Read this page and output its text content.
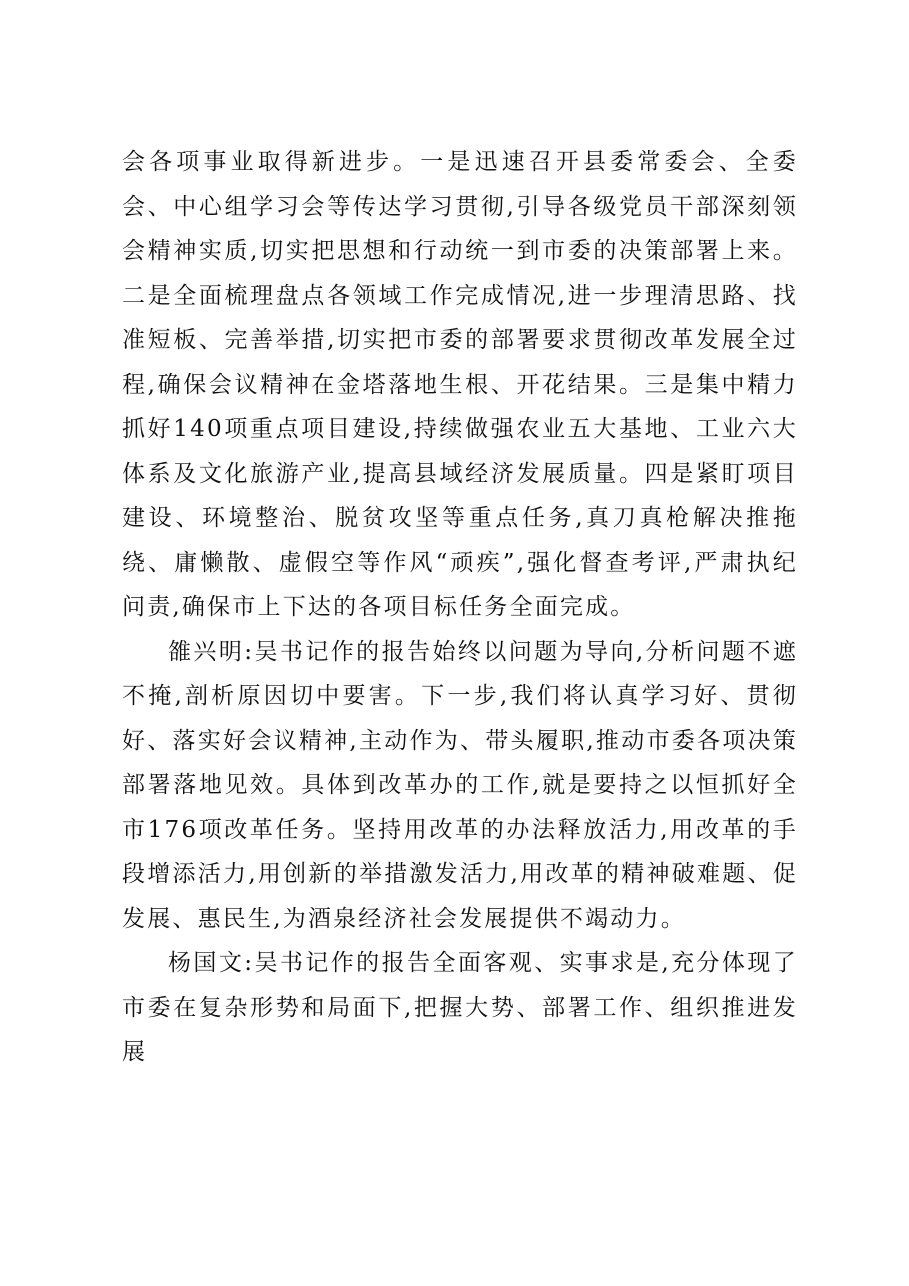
会各项事业取得新进步。一是迅速召开县委常委会、全委会、中心组学习会等传达学习贯彻,引导各级党员干部深刻领会精神实质,切实把思想和行动统一到市委的决策部署上来。二是全面梳理盘点各领域工作完成情况,进一步理清思路、找准短板、完善举措,切实把市委的部署要求贯彻改革发展全过程,确保会议精神在金塔落地生根、开花结果。三是集中精力抓好140项重点项目建设,持续做强农业五大基地、工业六大体系及文化旅游产业,提高县域经济发展质量。四是紧盯项目建设、环境整治、脱贫攻坚等重点任务,真刀真枪解决推拖绕、庸懒散、虚假空等作风“顽疾”,强化督查考评,严肃执纪问责,确保市上下达的各项目标任务全面完成。

雒兴明:吴书记作的报告始终以问题为导向,分析问题不遮不掩,剖析原因切中要害。下一步,我们将认真学习好、贯彻好、落实好会议精神,主动作为、带头履职,推动市委各项决策部署落地见效。具体到改革办的工作,就是要持之以恒抓好全市176项改革任务。坚持用改革的办法释放活力,用改革的手段增添活力,用创新的举措激发活力,用改革的精神破难题、促发展、惠民生,为酒泉经济社会发展提供不竭动力。

杨国文:吴书记作的报告全面客观、实事求是,充分体现了市委在复杂形势和局面下,把握大势、部署工作、组织推进发展
